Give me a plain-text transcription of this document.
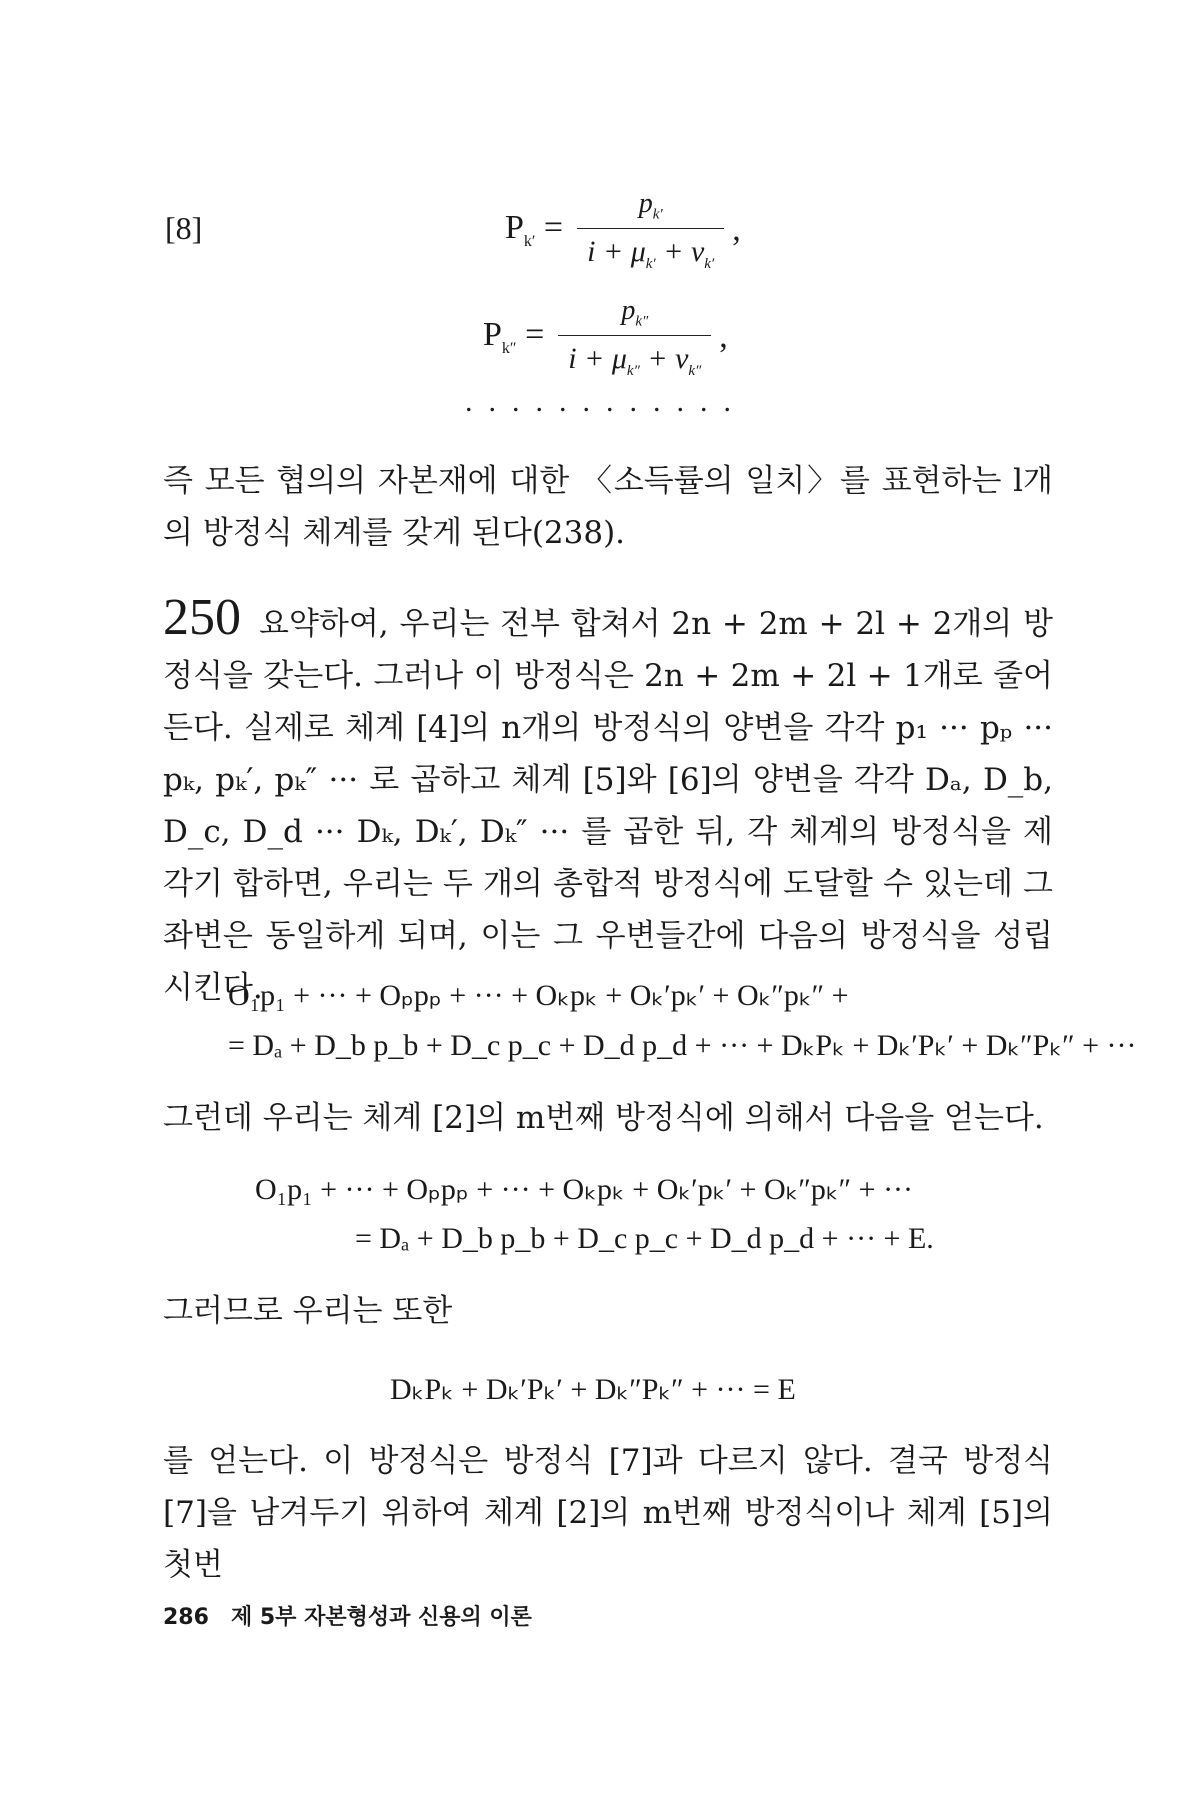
[8]	$P_{k'} = \frac{p_{k'}}{i + \mu_{k'} + \nu_{k'}}$ ,
$P_{k''} = \frac{p_{k''}}{i + \mu_{k''} + \nu_{k''}}$ ,
............
즉 모든 협의의 자본재에 대한 〈소득률의 일치〉를 표현하는 l개의 방정식 체계를 갖게 된다(238).
250 요약하여, 우리는 전부 합쳐서 2n + 2m + 2l + 2개의 방정식을 갖는다. 그러나 이 방정식은 2n + 2m + 2l + 1개로 줄어든다. 실제로 체계 [4]의 n개의 방정식의 양변을 각각 p₁ ··· pₚ ··· pₖ, pₖ′, pₖ″ ··· 로 곱하고 체계 [5]와 [6]의 양변을 각각 Dₐ, D_b, D_c, D_d ··· Dₖ, Dₖ′, Dₖ″ ··· 를 곱한 뒤, 각 체계의 방정식을 제각기 합하면, 우리는 두 개의 총합적 방정식에 도달할 수 있는데 그 좌변은 동일하게 되며, 이는 그 우변들간에 다음의 방정식을 성립시킨다.
O₁p₁ + ··· + Oₚpₚ + ··· + Oₖpₖ + Oₖ′pₖ′ + Oₖ″pₖ″ +
= Dₐ + D_b p_b + D_c p_c + D_d p_d + ··· + DₖPₖ + Dₖ′Pₖ′ + Dₖ″Pₖ″ + ···
그런데 우리는 체계 [2]의 m번째 방정식에 의해서 다음을 얻는다.
O₁p₁ + ··· + Oₚpₚ + ··· + Oₖpₖ + Oₖ′pₖ′ + Oₖ″pₖ″ + ···
= Dₐ + D_b p_b + D_c p_c + D_d p_d + ··· + E.
그러므로 우리는 또한
DₖPₖ + Dₖ′Pₖ′ + Dₖ″Pₖ″ + ··· = E
를 얻는다. 이 방정식은 방정식 [7]과 다르지 않다. 결국 방정식 [7]을 남겨두기 위하여 체계 [2]의 m번째 방정식이나 체계 [5]의 첫번
286 제 5부 자본형성과 신용의 이론
